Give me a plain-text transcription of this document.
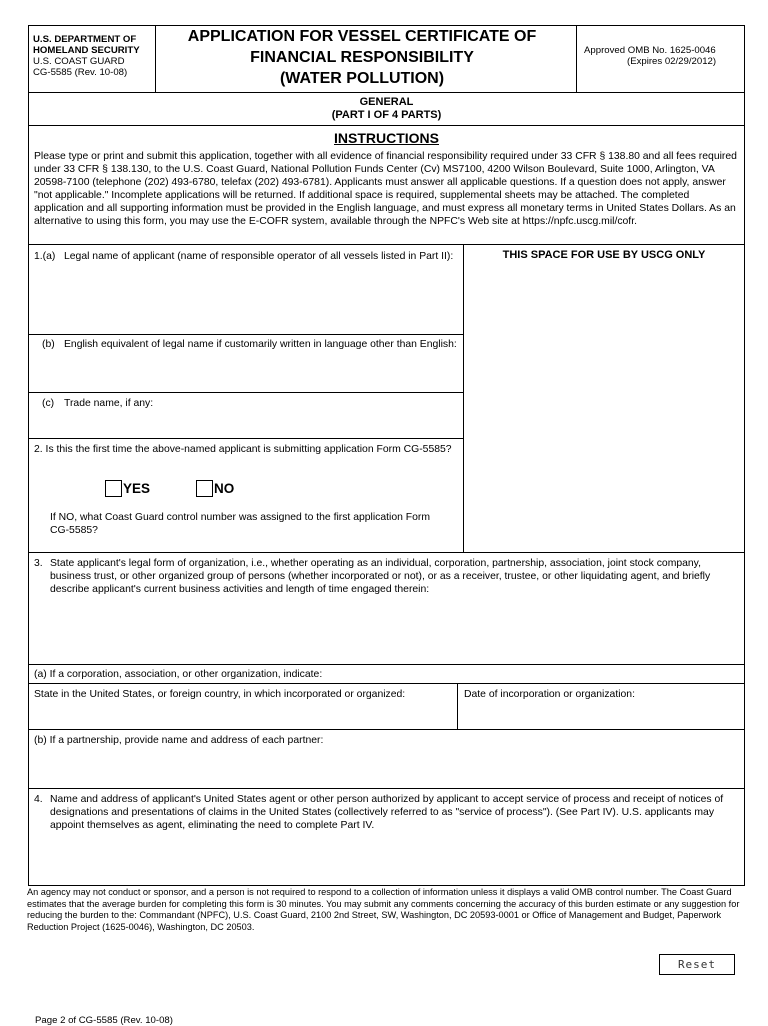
U.S. DEPARTMENT OF
HOMELAND SECURITY
U.S. COAST GUARD
CG-5585 (Rev. 10-08)
APPLICATION FOR VESSEL CERTIFICATE OF
FINANCIAL RESPONSIBILITY
(WATER POLLUTION)
Approved OMB No. 1625-0046
(Expires 02/29/2012)
GENERAL
(PART I OF 4 PARTS)
INSTRUCTIONS
Please type or print and submit this application, together with all evidence of financial responsibility required under 33 CFR § 138.80 and all fees required under 33 CFR § 138.130, to the U.S. Coast Guard, National Pollution Funds Center (Cv) MS7100, 4200 Wilson Boulevard, Suite 1000, Arlington, VA 20598-7100 (telephone (202) 493-6780, telefax (202) 493-6781). Applicants must answer all applicable questions. If a question does not apply, answer "not applicable." Incomplete applications will be returned. If additional space is required, supplemental sheets may be attached. The completed application and all supporting information must be provided in the English language, and must express all monetary terms in United States Dollars. As an alternative to using this form, you may use the E-COFR system, available through the NPFC's Web site at https://npfc.uscg.mil/cofr.
THIS SPACE FOR USE BY USCG ONLY
1.(a) Legal name of applicant (name of responsible operator of all vessels listed in Part II):
(b) English equivalent of legal name if customarily written in language other than English:
(c) Trade name, if any:
2. Is this the first time the above-named applicant is submitting application Form CG-5585?
YES	NO
If NO, what Coast Guard control number was assigned to the first application Form CG-5585?
3. State applicant's legal form of organization, i.e., whether operating as an individual, corporation, partnership, association, joint stock company, business trust, or other organized group of persons (whether incorporated or not), or as a receiver, trustee, or other liquidating agent, and briefly describe applicant's current business activities and length of time engaged therein:
(a) If a corporation, association, or other organization, indicate:
State in the United States, or foreign country, in which incorporated or organized:	Date of incorporation or organization:
(b) If a partnership, provide name and address of each partner:
4. Name and address of applicant's United States agent or other person authorized by applicant to accept service of process and receipt of notices of designations and presentations of claims in the United States (collectively referred to as "service of process"). (See Part IV). U.S. applicants may appoint themselves as agent, eliminating the need to complete Part IV.
An agency may not conduct or sponsor, and a person is not required to respond to a collection of information unless it displays a valid OMB control number. The Coast Guard estimates that the average burden for completing this form is 30 minutes. You may submit any comments concerning the accuracy of this burden estimate or any suggestion for reducing the burden to the: Commandant (NPFC), U.S. Coast Guard, 2100 2nd Street, SW, Washington, DC 20593-0001 or Office of Management and Budget, Paperwork Reduction Project (1625-0046), Washington, DC 20503.
Reset
Page 2 of CG-5585 (Rev. 10-08)
